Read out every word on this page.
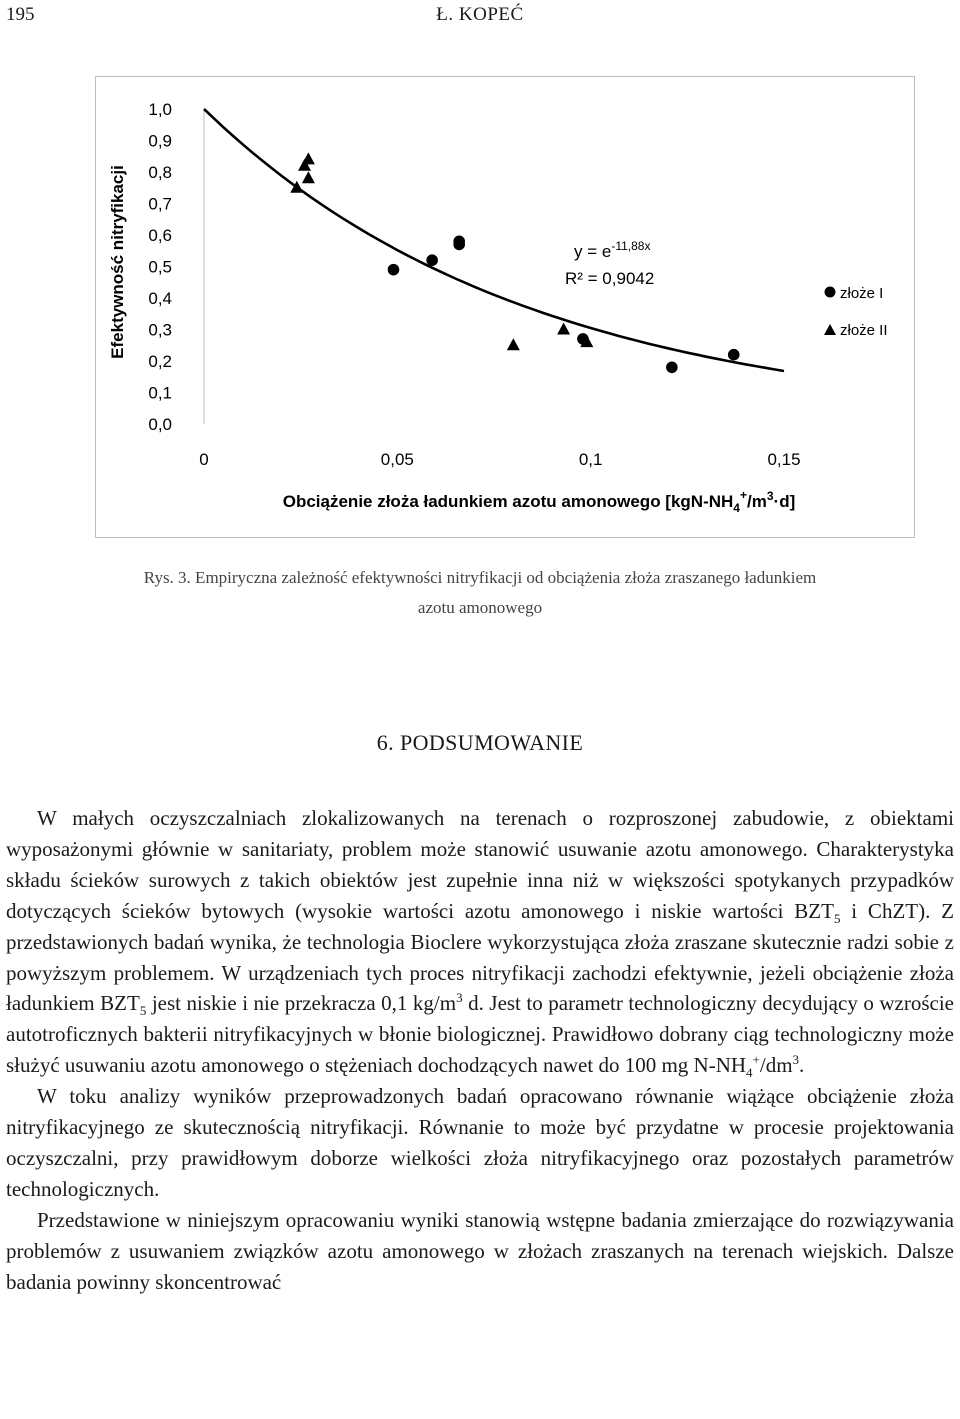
195	Ł. KOPEĆ
Efektywność nitryfikacji
0,0
0,1
0,2
0,3
0,4
0,5
0,6
0,7
0,8
0,9
1,0
0	0,05	0,1	0,15
$y = e^{-11,88x}$
R² = 0,9042
złoże I
złoże II
Obciążenie złoża ładunkiem azotu amonowego $[kgN-NH_4^+/m^3\cdot d]$
Rys. 3. Empiryczna zależność efektywności nitryfikacji od obciążenia złoża zraszanego ładunkiem
azotu amonowego
6. PODSUMOWANIE

W małych oczyszczalniach zlokalizowanych na terenach o rozproszonej zabudowie, z obiektami wyposażonymi głównie w sanitariaty, problem może stanowić usuwanie azotu amonowego. Charakterystyka składu ścieków surowych z takich obiektów jest zupełnie inna niż w większości spotykanych przypadków dotyczących ścieków bytowych (wysokie wartości azotu amonowego i niskie wartości $BZT_5$ i ChZT). Z przedstawionych badań wynika, że technologia Bioclere wykorzystująca złoża zraszane skutecznie radzi sobie z powyższym problemem. W urządzeniach tych proces nitryfikacji zachodzi efektywnie, jeżeli obciążenie złoża ładunkiem $BZT_5$ jest niskie i nie przekracza 0,1 $kg/m^3$ d. Jest to parametr technologiczny decydujący o wzroście autotroficznych bakterii nitryfikacyjnych w błonie biologicznej. Prawidłowo dobrany ciąg technologiczny może służyć usuwaniu azotu amonowego o stężeniach dochodzących nawet do 100 mg $N-NH_4^+/dm^3$.

W toku analizy wyników przeprowadzonych badań opracowano równanie wiążące obciążenie złoża nitryfikacyjnego ze skutecznością nitryfikacji. Równanie to może być przydatne w procesie projektowania oczyszczalni, przy prawidłowym doborze wielkości złoża nitryfikacyjnego oraz pozostałych parametrów technologicznych.

Przedstawione w niniejszym opracowaniu wyniki stanowią wstępne badania zmierzające do rozwiązywania problemów z usuwaniem związków azotu amonowego w złożach zraszanych na terenach wiejskich. Dalsze badania powinny skoncentrować
